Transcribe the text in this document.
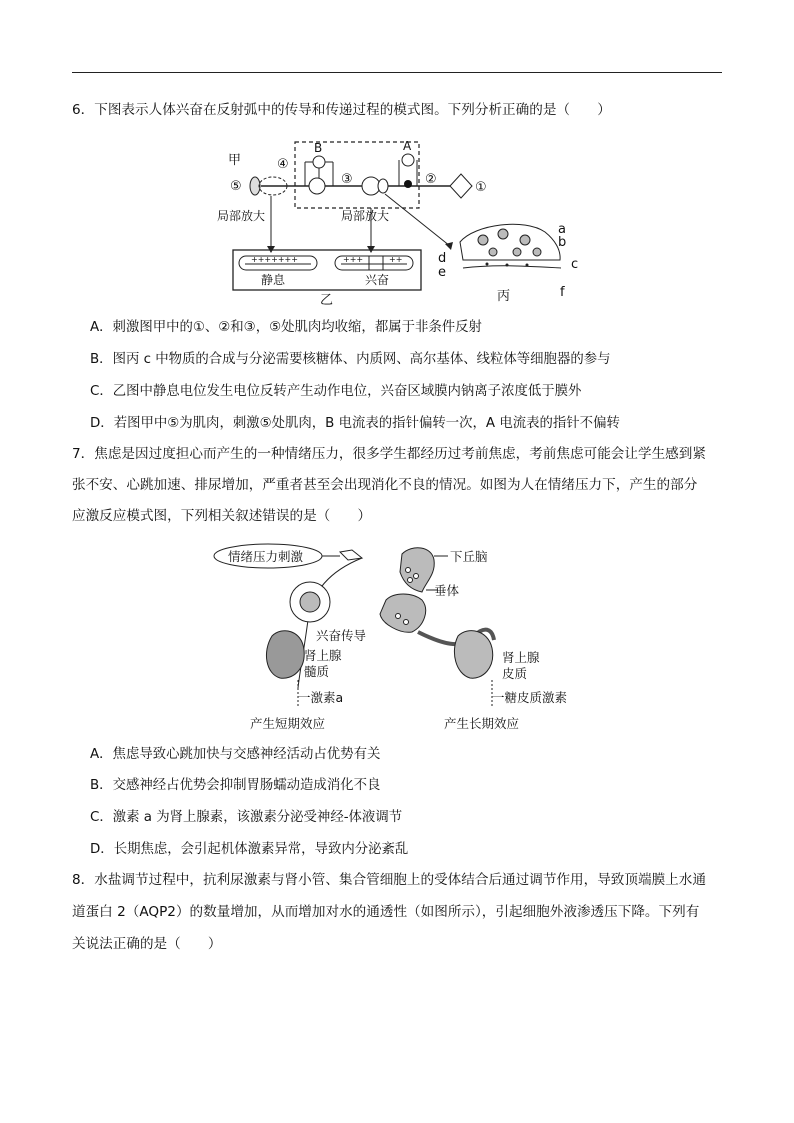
6．下图表示人体兴奋在反射弧中的传导和传递过程的模式图。下列分析正确的是（　　）
甲	④
⑤
B
③
A
②
①
局部放大	局部放大
+++++++	+++	++
静息	兴奋
乙
d
e
a
b
c
f
丙
A．刺激图甲中的①、②和③，⑤处肌肉均收缩，都属于非条件反射
B．图丙 c 中物质的合成与分泌需要核糖体、内质网、高尔基体、线粒体等细胞器的参与
C．乙图中静息电位发生电位反转产生动作电位，兴奋区域膜内钠离子浓度低于膜外
D．若图甲中⑤为肌肉，刺激⑤处肌肉，B 电流表的指针偏转一次，A 电流表的指针不偏转
7．焦虑是因过度担心而产生的一种情绪压力，很多学生都经历过考前焦虑，考前焦虑可能会让学生感到紧
张不安、心跳加速、排尿增加，严重者甚至会出现消化不良的情况。如图为人在情绪压力下，产生的部分
应激反应模式图，下列相关叙述错误的是（　　）
情绪压力刺激	下丘脑
垂体
兴奋传导
肾上腺
髓质
一激素a
产生短期效应
肾上腺
皮质
一糖皮质激素
产生长期效应
A．焦虑导致心跳加快与交感神经活动占优势有关
B．交感神经占优势会抑制胃肠蠕动造成消化不良
C．激素 a 为肾上腺素，该激素分泌受神经-体液调节
D．长期焦虑，会引起机体激素异常，导致内分泌紊乱
8．水盐调节过程中，抗利尿激素与肾小管、集合管细胞上的受体结合后通过调节作用，导致顶端膜上水通
道蛋白 2（AQP2）的数量增加，从而增加对水的通透性（如图所示），引起细胞外液渗透压下降。下列有
关说法正确的是（　　）
